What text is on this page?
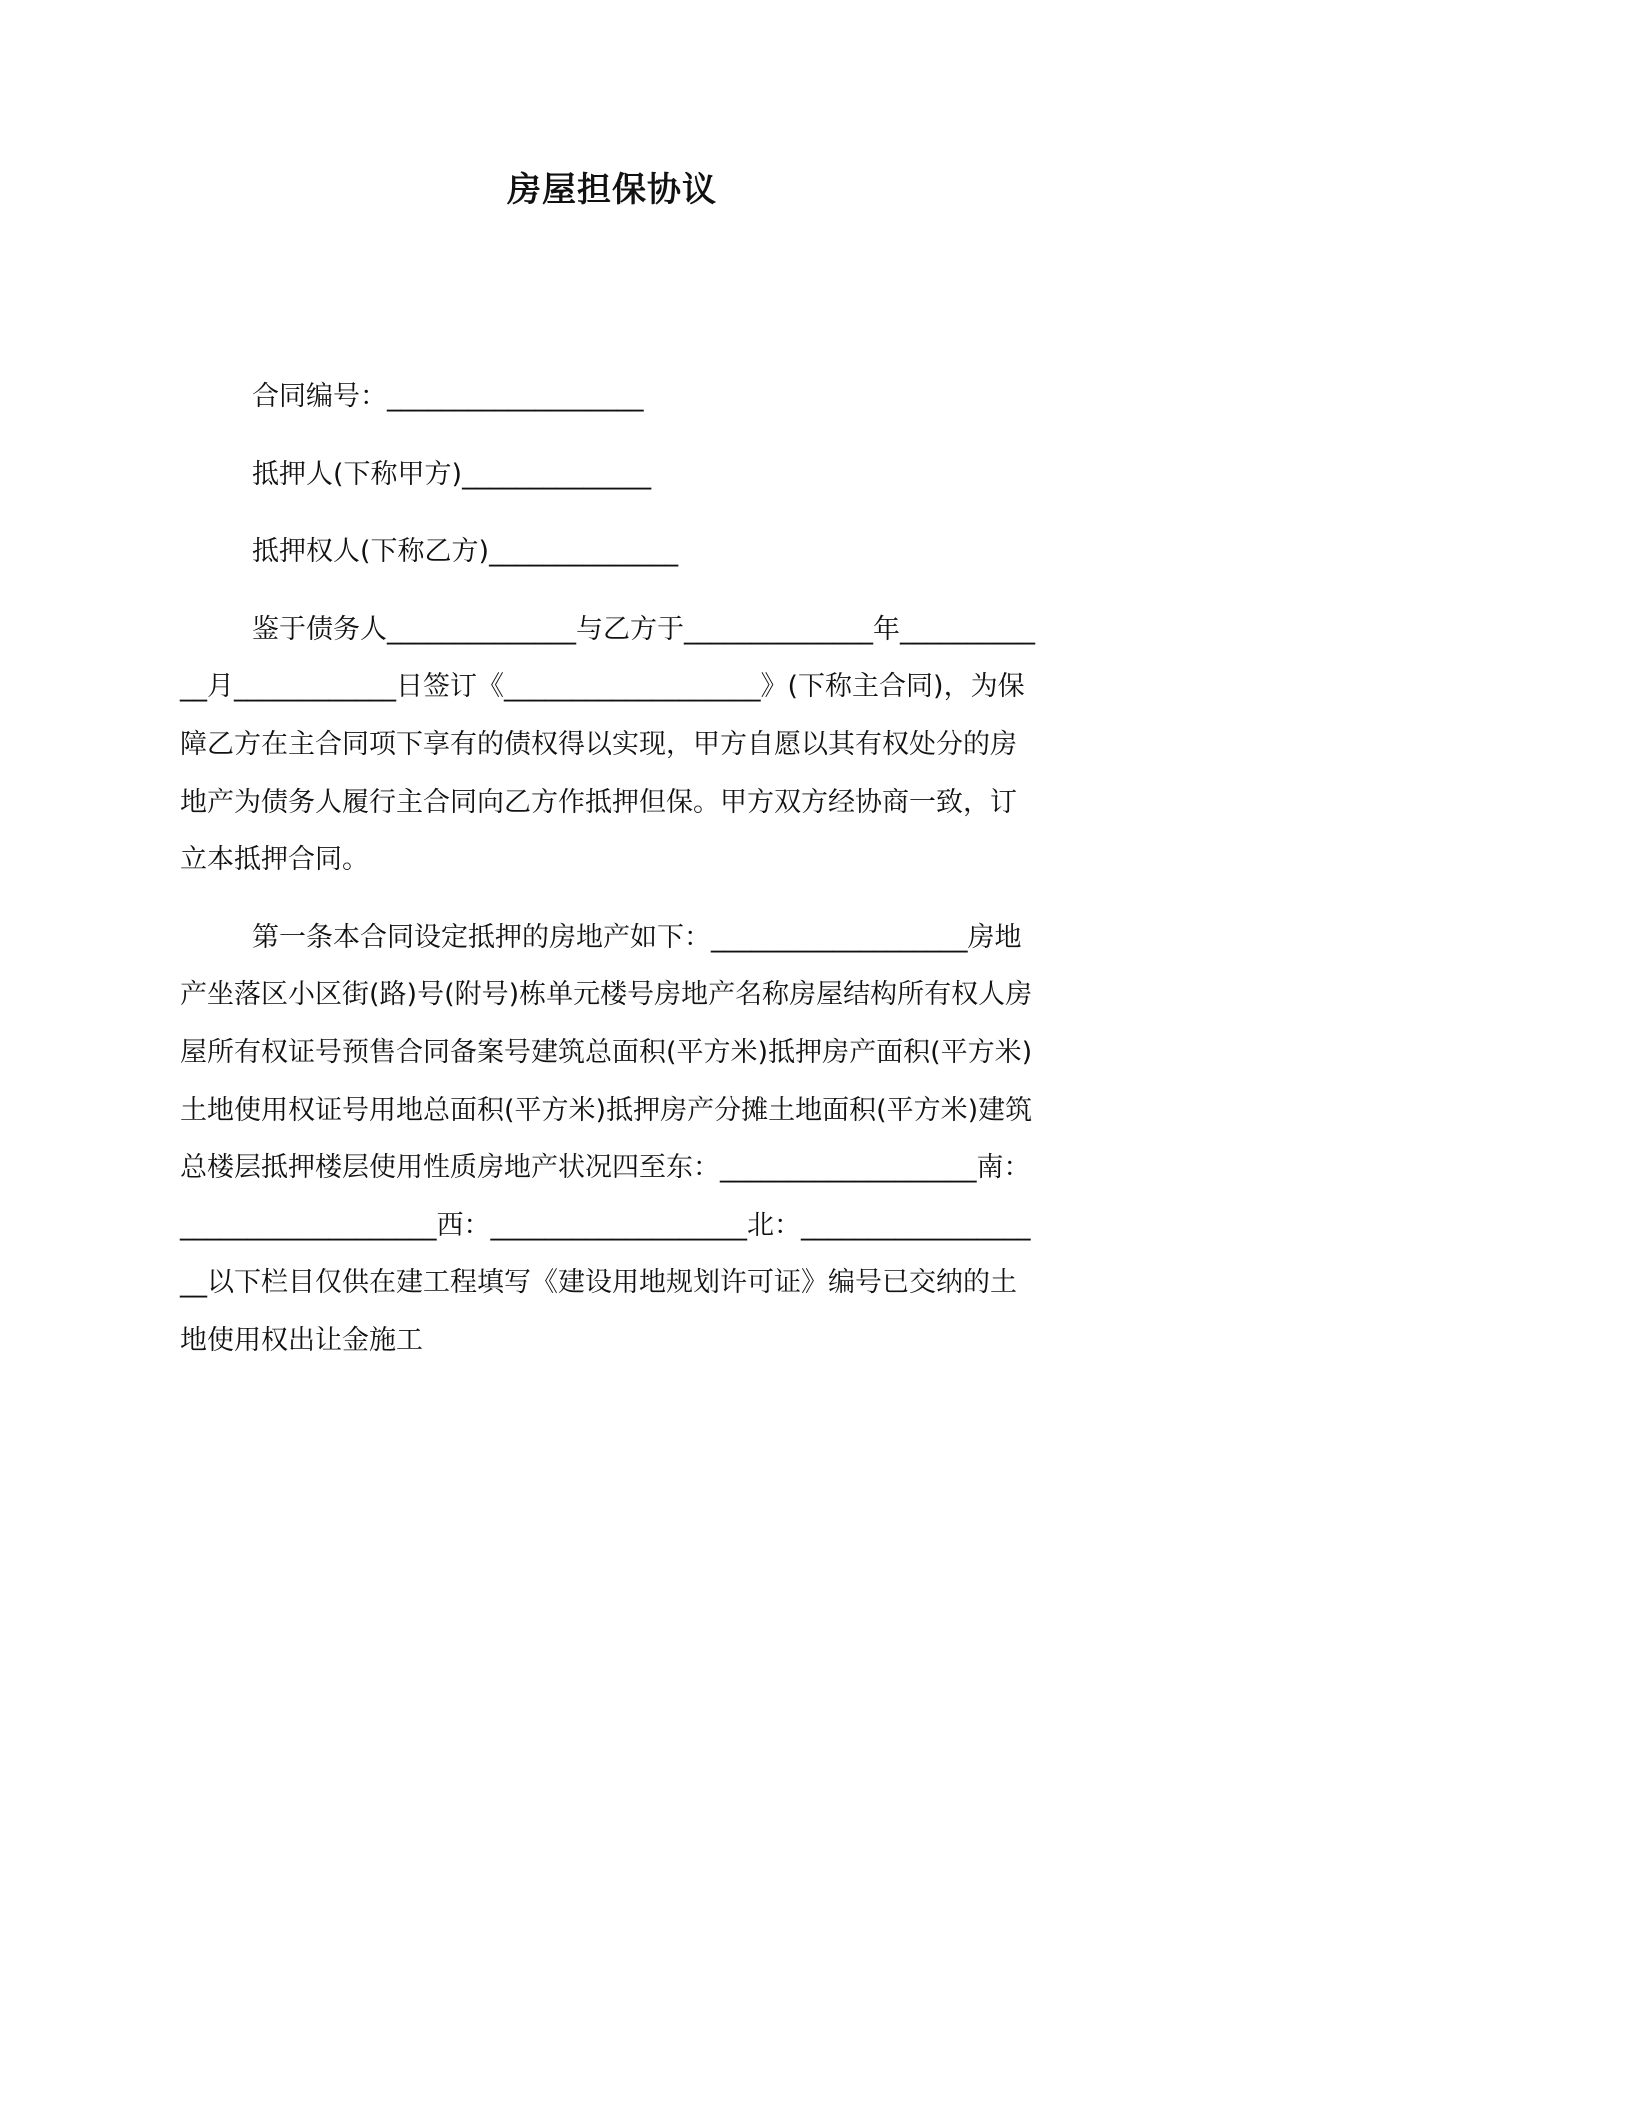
房屋担保协议

合同编号：___________________

抵押人(下称甲方)______________

抵押权人(下称乙方)______________

鉴于债务人______________与乙方于______________年____________月____________日签订《___________________》(下称主合同)，为保障乙方在主合同项下享有的债权得以实现，甲方自愿以其有权处分的房地产为债务人履行主合同向乙方作抵押但保。甲方双方经协商一致，订立本抵押合同。

第一条本合同设定抵押的房地产如下：___________________房地产坐落区小区街(路)号(附号)栋单元楼号房地产名称房屋结构所有权人房屋所有权证号预售合同备案号建筑总面积(平方米)抵押房产面积(平方米)土地使用权证号用地总面积(平方米)抵押房产分摊土地面积(平方米)建筑总楼层抵押楼层使用性质房地产状况四至东：___________________南：___________________西：___________________北：___________________以下栏目仅供在建工程填写《建设用地规划许可证》编号已交纳的土地使用权出让金施工
